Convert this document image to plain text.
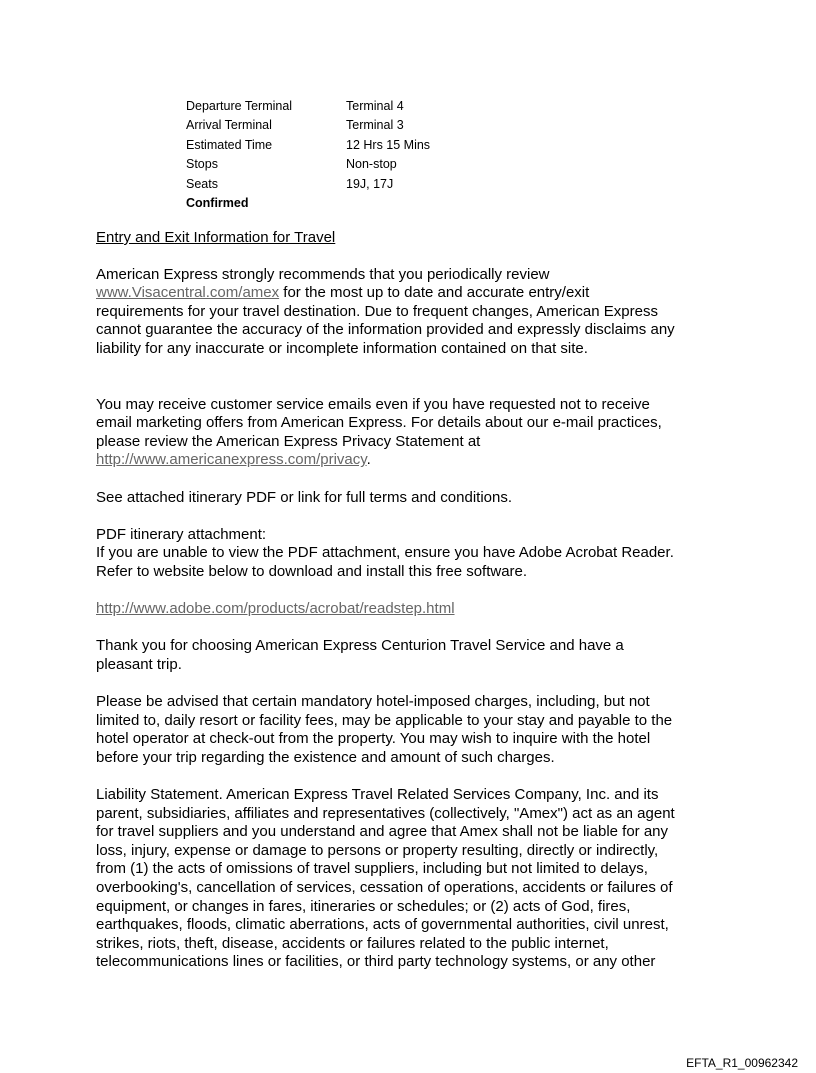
Departure Terminal	Terminal 4
Arrival Terminal	Terminal 3
Estimated Time	12 Hrs 15 Mins
Stops	Non-stop
Seats	19J, 17J
Confirmed
Entry and Exit Information for Travel
American Express strongly recommends that you periodically review
www.Visacentral.com/amex for the most up to date and accurate entry/exit
requirements for your travel destination. Due to frequent changes, American Express
cannot guarantee the accuracy of the information provided and expressly disclaims any
liability for any inaccurate or incomplete information contained on that site.
You may receive customer service emails even if you have requested not to receive
email marketing offers from American Express. For details about our e-mail practices,
please review the American Express Privacy Statement at
http://www.americanexpress.com/privacy.
See attached itinerary PDF or link for full terms and conditions.
PDF itinerary attachment:
If you are unable to view the PDF attachment, ensure you have Adobe Acrobat Reader.
Refer to website below to download and install this free software.
http://www.adobe.com/products/acrobat/readstep.html
Thank you for choosing American Express Centurion Travel Service and have a
pleasant trip.
Please be advised that certain mandatory hotel-imposed charges, including, but not
limited to, daily resort or facility fees, may be applicable to your stay and payable to the
hotel operator at check-out from the property. You may wish to inquire with the hotel
before your trip regarding the existence and amount of such charges.
Liability Statement. American Express Travel Related Services Company, Inc. and its
parent, subsidiaries, affiliates and representatives (collectively, "Amex") act as an agent
for travel suppliers and you understand and agree that Amex shall not be liable for any
loss, injury, expense or damage to persons or property resulting, directly or indirectly,
from (1) the acts of omissions of travel suppliers, including but not limited to delays,
overbooking's, cancellation of services, cessation of operations, accidents or failures of
equipment, or changes in fares, itineraries or schedules; or (2) acts of God, fires,
earthquakes, floods, climatic aberrations, acts of governmental authorities, civil unrest,
strikes, riots, theft, disease, accidents or failures related to the public internet,
telecommunications lines or facilities, or third party technology systems, or any other
EFTA_R1_00962342
